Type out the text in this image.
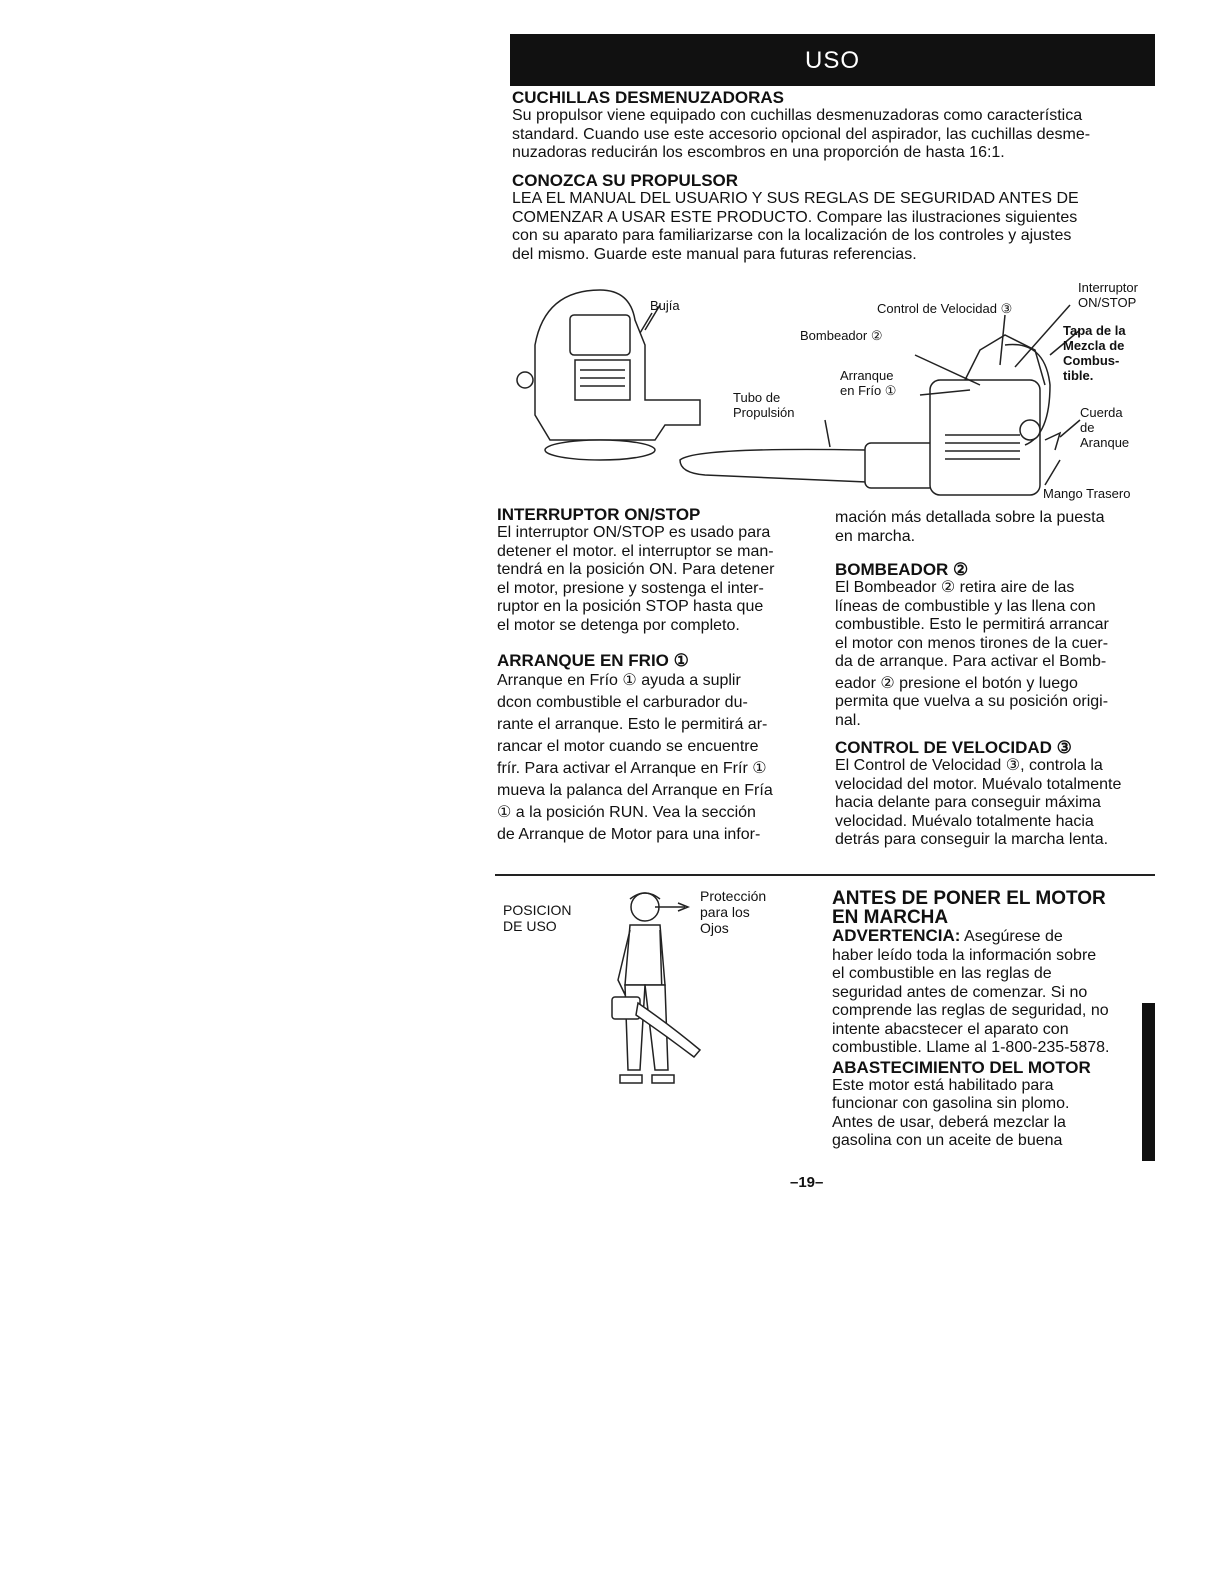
USO
CUCHILLAS DESMENUZADORAS

Su propulsor viene equipado con cuchillas desmenuzadoras como característica

standard. Cuando use este accesorio opcional del aspirador, las cuchillas desme-

nuzadoras reducirán los escombros en una proporción de hasta 16:1.

CONOZCA SU PROPULSOR

LEA EL MANUAL DEL USUARIO Y SUS REGLAS DE SEGURIDAD ANTES DE

COMENZAR A USAR ESTE PRODUCTO. Compare las ilustraciones siguientes

con su aparato para familiarizarse con la localización de los controles y ajustes

del mismo. Guarde este manual para futuras referencias.

Bujía	Control de Velocidad ③
Interruptor
ON/STOP
Bombeador ②	Tapa de la
Mezcla de
Combus-
tible.
Arranque
en Frío ①
Tubo de
Propulsión	Cuerda
de
Aranque
Mango Trasero
INTERRUPTOR ON/STOP

El interruptor ON/STOP es usado para

detener el motor. el interruptor se man-

tendrá en la posición ON. Para detener

el motor, presione y sostenga el inter-

ruptor en la posición STOP hasta que

el motor se detenga por completo.

ARRANQUE EN FRIO ①

Arranque en Frío ① ayuda a suplir

dcon combustible el carburador du-

rante el arranque. Esto le permitirá ar-

rancar el motor cuando se encuentre

frír. Para activar el Arranque en Frír ①

mueva la palanca del Arranque en Fría

① a la posición RUN. Vea la sección

de Arranque de Motor para una infor-

mación más detallada sobre la puesta

en marcha.

BOMBEADOR ②

El Bombeador ② retira aire de las

líneas de combustible y las llena con

combustible. Esto le permitirá arrancar

el motor con menos tirones de la cuer-

da de arranque. Para activar el Bomb-

eador ② presione el botón y luego

permita que vuelva a su posición origi-

nal.

CONTROL DE VELOCIDAD ③

El Control de Velocidad ③, controla la

velocidad del motor. Muévalo totalmente

hacia delante para conseguir máxima

velocidad. Muévalo totalmente hacia

detrás para conseguir la marcha lenta.

POSICION
DE USO
Protección
para los
Ojos
ANTES DE PONER EL MOTOR
EN MARCHA

ADVERTENCIA: Asegúrese de

haber leído toda la información sobre

el combustible en las reglas de

seguridad antes de comenzar. Si no

comprende las reglas de seguridad, no

intente abacstecer el aparato con

combustible. Llame al 1-800-235-5878.

ABASTECIMIENTO DEL MOTOR

Este motor está habilitado para

funcionar con gasolina sin plomo.

Antes de usar, deberá mezclar la

gasolina con un aceite de buena

–19–
